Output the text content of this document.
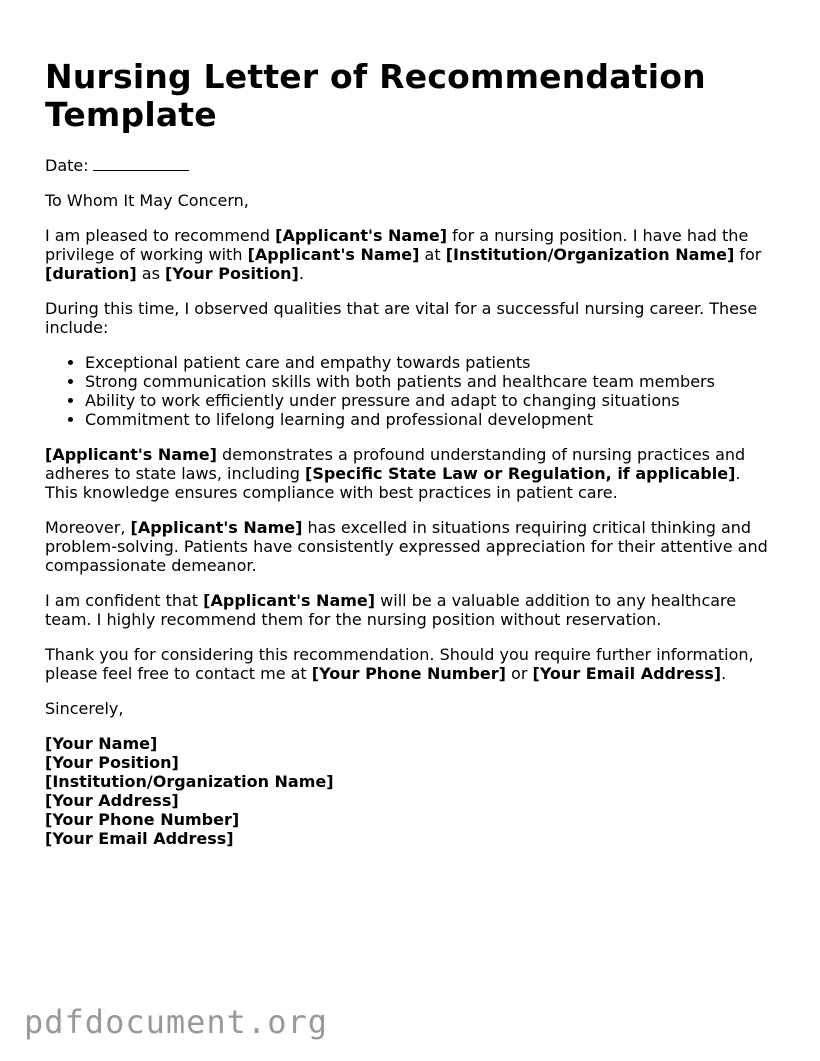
Nursing Letter of Recommendation Template

Date:

To Whom It May Concern,

I am pleased to recommend [Applicant's Name] for a nursing position. I have had the privilege of working with [Applicant's Name] at [Institution/Organization Name] for [duration] as [Your Position].

During this time, I observed qualities that are vital for a successful nursing career. These include:

• Exceptional patient care and empathy towards patients
• Strong communication skills with both patients and healthcare team members
• Ability to work efficiently under pressure and adapt to changing situations
• Commitment to lifelong learning and professional development

[Applicant's Name] demonstrates a profound understanding of nursing practices and adheres to state laws, including [Specific State Law or Regulation, if applicable]. This knowledge ensures compliance with best practices in patient care.

Moreover, [Applicant's Name] has excelled in situations requiring critical thinking and problem-solving. Patients have consistently expressed appreciation for their attentive and compassionate demeanor.

I am confident that [Applicant's Name] will be a valuable addition to any healthcare team. I highly recommend them for the nursing position without reservation.

Thank you for considering this recommendation. Should you require further information, please feel free to contact me at [Your Phone Number] or [Your Email Address].

Sincerely,

[Your Name]

[Your Position]

[Institution/Organization Name]

[Your Address]

[Your Phone Number]

[Your Email Address]

pdfdocument.org
